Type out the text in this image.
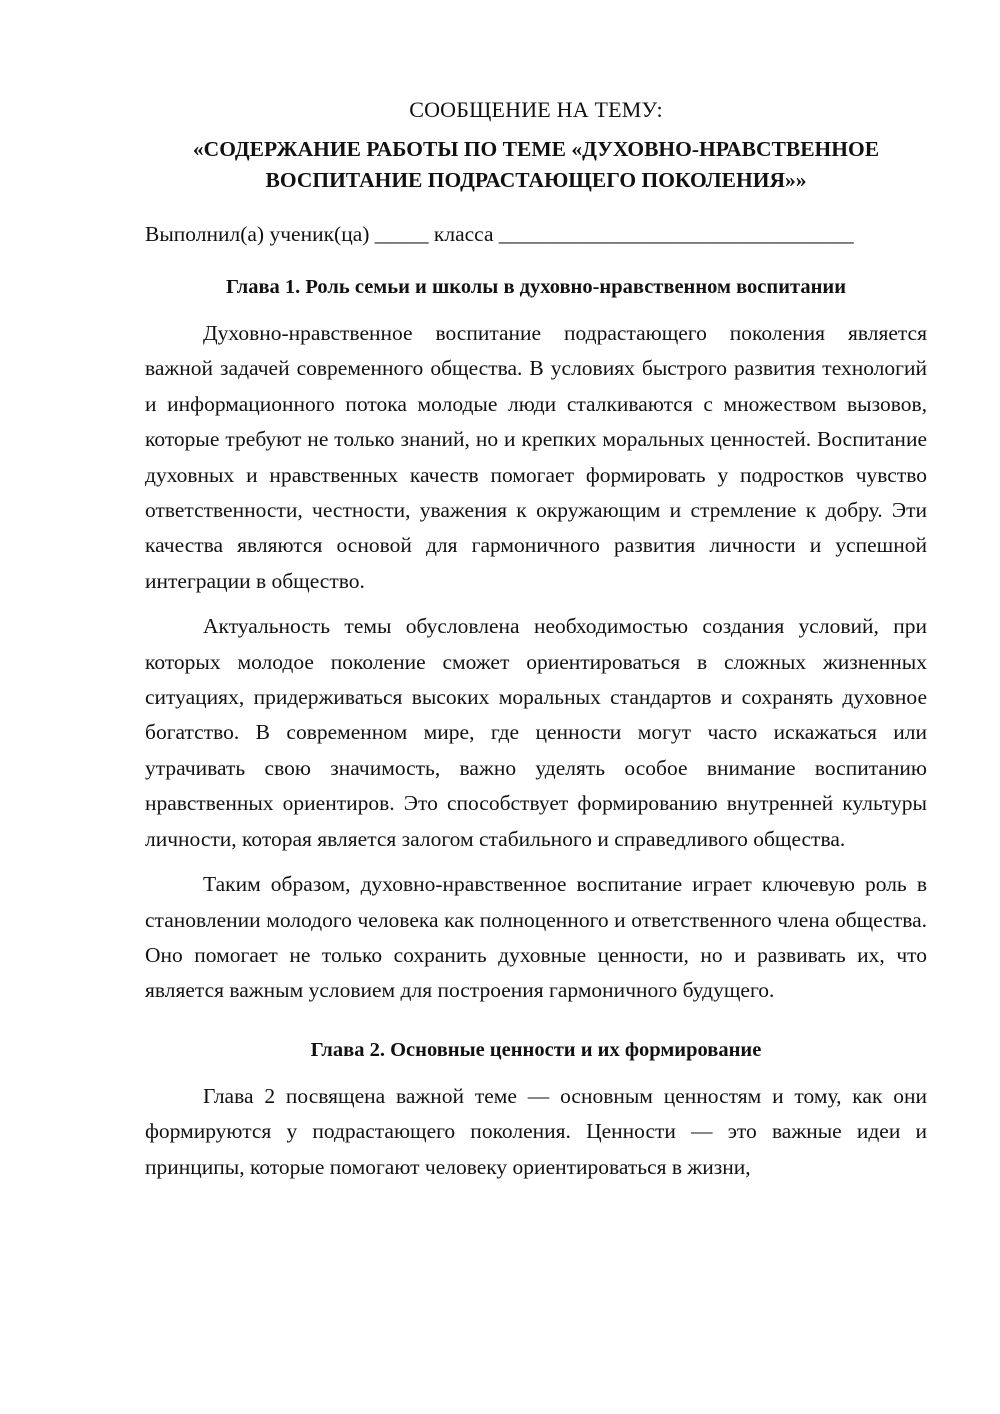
СООБЩЕНИЕ НА ТЕМУ:
«СОДЕРЖАНИЕ РАБОТЫ ПО ТЕМЕ «ДУХОВНО-НРАВСТВЕННОЕ
ВОСПИТАНИЕ ПОДРАСТАЮЩЕГО ПОКОЛЕНИЯ»»
Выполнил(а) ученик(ца) _____ класса _________________________________
Глава 1. Роль семьи и школы в духовно-нравственном воспитании

Духовно-нравственное воспитание подрастающего поколения является важной задачей современного общества. В условиях быстрого развития технологий и информационного потока молодые люди сталкиваются с множеством вызовов, которые требуют не только знаний, но и крепких моральных ценностей. Воспитание духовных и нравственных качеств помогает формировать у подростков чувство ответственности, честности, уважения к окружающим и стремление к добру. Эти качества являются основой для гармоничного развития личности и успешной интеграции в общество.

Актуальность темы обусловлена необходимостью создания условий, при которых молодое поколение сможет ориентироваться в сложных жизненных ситуациях, придерживаться высоких моральных стандартов и сохранять духовное богатство. В современном мире, где ценности могут часто искажаться или утрачивать свою значимость, важно уделять особое внимание воспитанию нравственных ориентиров. Это способствует формированию внутренней культуры личности, которая является залогом стабильного и справедливого общества.

Таким образом, духовно-нравственное воспитание играет ключевую роль в становлении молодого человека как полноценного и ответственного члена общества. Оно помогает не только сохранить духовные ценности, но и развивать их, что является важным условием для построения гармоничного будущего.

Глава 2. Основные ценности и их формирование

Глава 2 посвящена важной теме — основным ценностям и тому, как они формируются у подрастающего поколения. Ценности — это важные идеи и принципы, которые помогают человеку ориентироваться в жизни,
